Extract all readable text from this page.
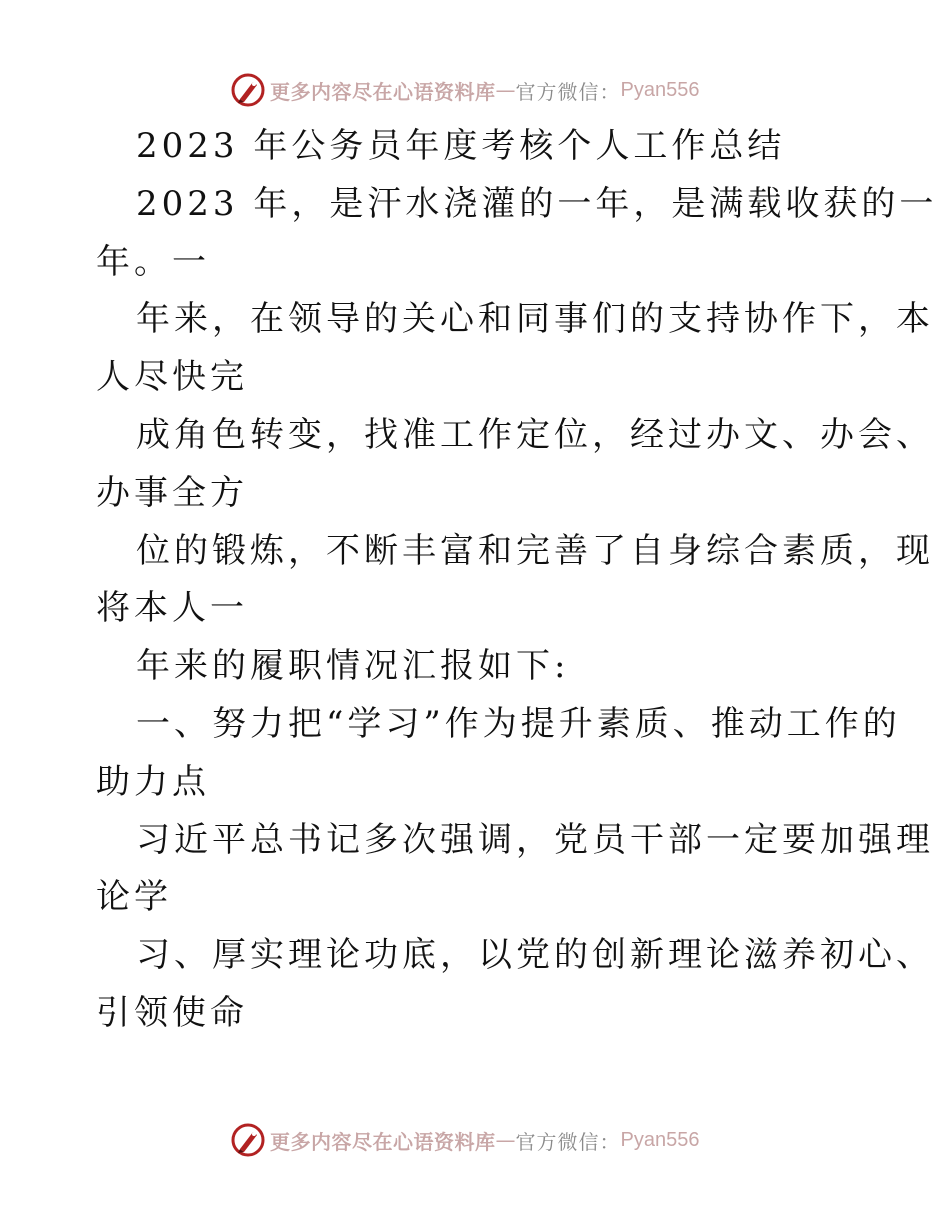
更多内容尽在心语资料库 — 官方微信： Pyan556
2023 年公务员年度考核个人工作总结
2023 年，是汗水浇灌的一年，是满载收获的一
年。一
年来，在领导的关心和同事们的支持协作下，本
人尽快完
成角色转变，找准工作定位，经过办文、办会、
办事全方
位的锻炼，不断丰富和完善了自身综合素质，现
将本人一
年来的履职情况汇报如下:
一、努力把“学习”作为提升素质、推动工作的
助力点
习近平总书记多次强调，党员干部一定要加强理
论学
习、厚实理论功底，以党的创新理论滋养初心、
引领使命
更多内容尽在心语资料库 — 官方微信： Pyan556
